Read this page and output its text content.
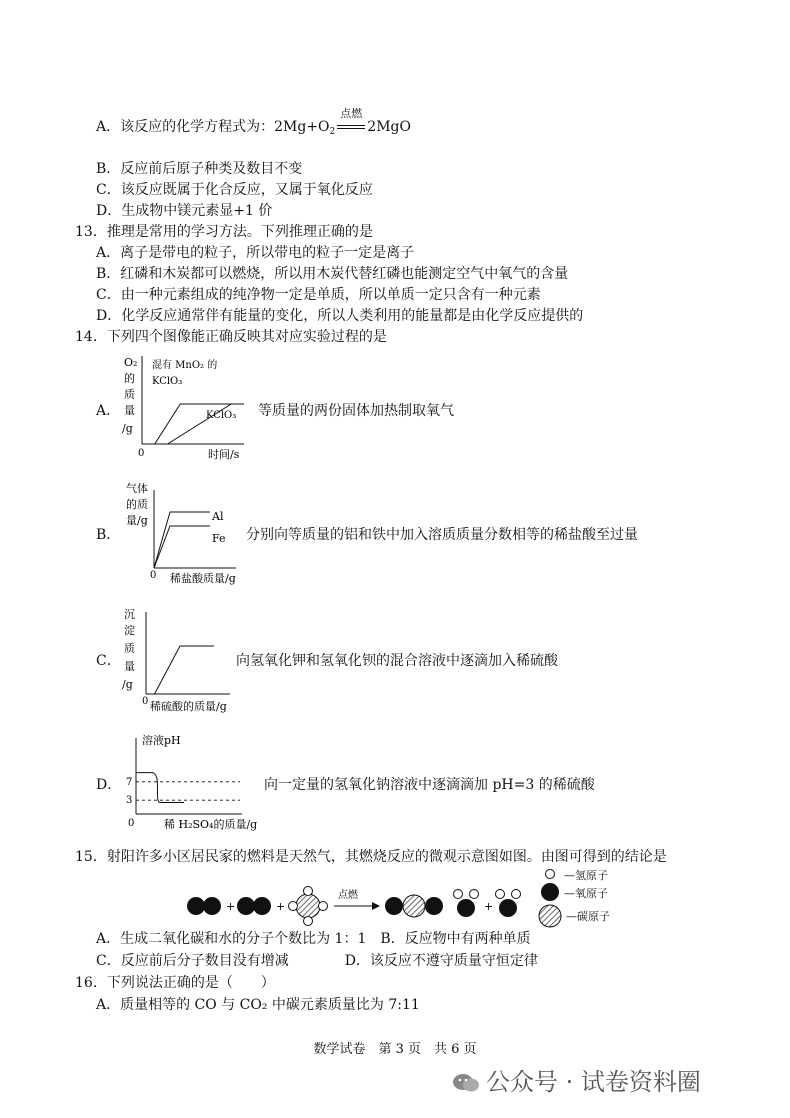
A．该反应的化学方程式为：$2Mg+O_2$
点燃
2MgO
B．反应前后原子种类及数目不变
C．该反应既属于化合反应，又属于氧化反应
D．生成物中镁元素显+1 价
13．推理是常用的学习方法。下列推理正确的是
A．离子是带电的粒子，所以带电的粒子一定是离子
B．红磷和木炭都可以燃烧，所以用木炭代替红磷也能测定空气中氧气的含量
C．由一种元素组成的纯净物一定是单质，所以单质一定只含有一种元素
D．化学反应通常伴有能量的变化，所以人类利用的能量都是由化学反应提供的
14．下列四个图像能正确反映其对应实验过程的是
A．
O₂
的
质
量
/g
混有 MnO₂ 的
KClO₃
KClO₃
0	时间/s
等质量的两份固体加热制取氧气
B．
气体
的质
量/g	Al
Fe
0 稀盐酸质量/g
分别向等质量的铝和铁中加入溶质质量分数相等的稀盐酸至过量
C．
沉
淀
质
量
/g
0 稀硫酸的质量/g
向氢氧化钾和氢氧化钡的混合溶液中逐滴加入稀硫酸
D．
溶液pH
7
3
0	稀 H₂SO₄的质量/g
向一定量的氢氧化钠溶液中逐滴滴加 pH=3 的稀硫酸
15．射阳许多小区居民家的燃料是天然气，其燃烧反应的微观示意图如图。由图可得到的结论是
+	+
点燃
+
—氢原子
—氧原子
—碳原子
A．生成二氧化碳和水的分子个数比为 1：1　B．反应物中有两种单质
C．反应前后分子数目没有增减　　　　D．该反应不遵守质量守恒定律
16．下列说法正确的是（　　）
A．质量相等的 CO 与 CO₂ 中碳元素质量比为 7:11
数学试卷　第 3 页　共 6 页
公众号 · 试卷资料圈
